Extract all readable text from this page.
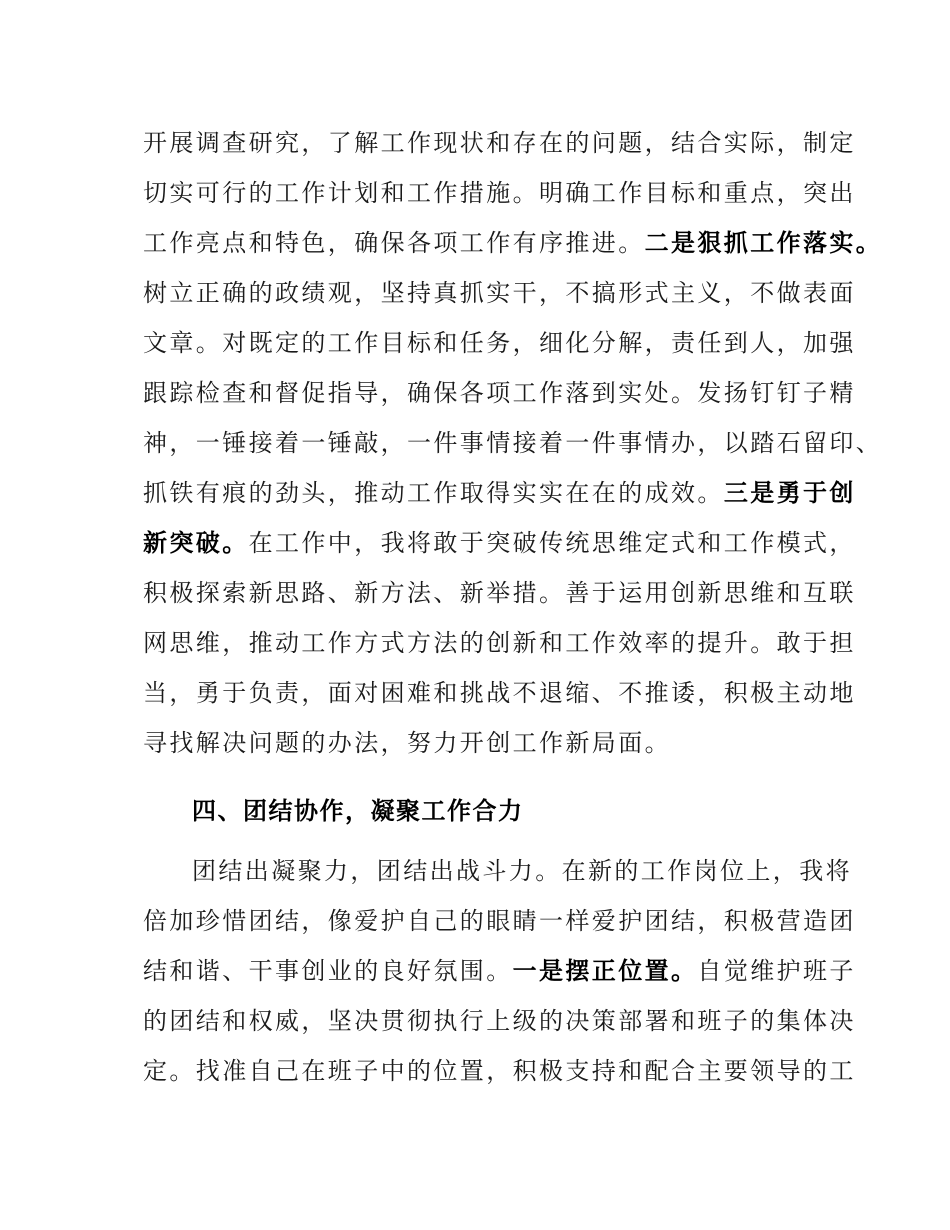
开展调查研究，了解工作现状和存在的问题，结合实际，制定
切实可行的工作计划和工作措施。明确工作目标和重点，突出
工作亮点和特色，确保各项工作有序推进。二是狠抓工作落实。
树立正确的政绩观，坚持真抓实干，不搞形式主义，不做表面
文章。对既定的工作目标和任务，细化分解，责任到人，加强
跟踪检查和督促指导，确保各项工作落到实处。发扬钉钉子精
神，一锤接着一锤敲，一件事情接着一件事情办，以踏石留印、
抓铁有痕的劲头，推动工作取得实实在在的成效。三是勇于创
新突破。在工作中，我将敢于突破传统思维定式和工作模式，
积极探索新思路、新方法、新举措。善于运用创新思维和互联
网思维，推动工作方式方法的创新和工作效率的提升。敢于担
当，勇于负责，面对困难和挑战不退缩、不推诿，积极主动地
寻找解决问题的办法，努力开创工作新局面。
四、团结协作，凝聚工作合力
团结出凝聚力，团结出战斗力。在新的工作岗位上，我将
倍加珍惜团结，像爱护自己的眼睛一样爱护团结，积极营造团
结和谐、干事创业的良好氛围。一是摆正位置。自觉维护班子
的团结和权威，坚决贯彻执行上级的决策部署和班子的集体决
定。找准自己在班子中的位置，积极支持和配合主要领导的工
